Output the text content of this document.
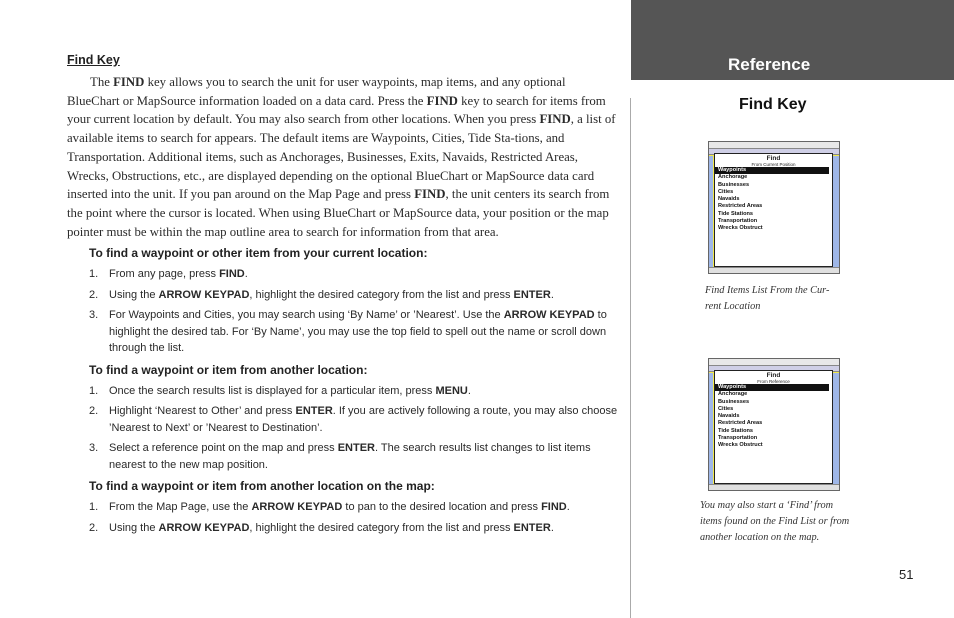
Find Key

The FIND key allows you to search the unit for user waypoints, map items, and any optional BlueChart or MapSource information loaded on a data card. Press the FIND key to search for items from your current location by default. You may also search from other locations. When you press FIND, a list of available items to search for appears. The default items are Waypoints, Cities, Tide Sta-tions, and Transportation. Additional items, such as Anchorages, Businesses, Exits, Navaids, Restricted Areas, Wrecks, Obstructions, etc., are displayed depending on the optional BlueChart or MapSource data card inserted into the unit. If you pan around on the Map Page and press FIND, the unit centers its search from the point where the cursor is located. When using BlueChart or MapSource data, your position or the map pointer must be within the map outline area to search for information from that area.

To find a waypoint or other item from your current location:
1. From any page, press FIND.
2. Using the ARROW KEYPAD, highlight the desired category from the list and press ENTER.
3. For Waypoints and Cities, you may search using ‘By Name’ or ’Nearest’. Use the ARROW KEYPAD to highlight the desired tab. For ‘By Name’, you may use the top field to spell out the name or scroll down through the list.
To find a waypoint or item from another location:
1. Once the search results list is displayed for a particular item, press MENU.
2. Highlight ‘Nearest to Other’ and press ENTER. If you are actively following a route, you may also choose ’Nearest to Next’ or ’Nearest to Destination’.
3. Select a reference point on the map and press ENTER. The search results list changes to list items nearest to the new map position.
To find a waypoint or item from another location on the map:
1. From the Map Page, use the ARROW KEYPAD to pan to the desired location and press FIND.
2. Using the ARROW KEYPAD, highlight the desired category from the list and press ENTER.
Reference
Find Key
Find
From Current Position
Waypoints
Anchorage
Businesses
Cities
Navaids
Restricted Areas
Tide Stations
Transportation
Wrecks Obstruct
Find Items List From the Cur-rent Location
Find
From Reference
Waypoints
Anchorage
Businesses
Cities
Navaids
Restricted Areas
Tide Stations
Transportation
Wrecks Obstruct
You may also start a ‘Find’ from items found on the Find List or from another location on the map.
51
